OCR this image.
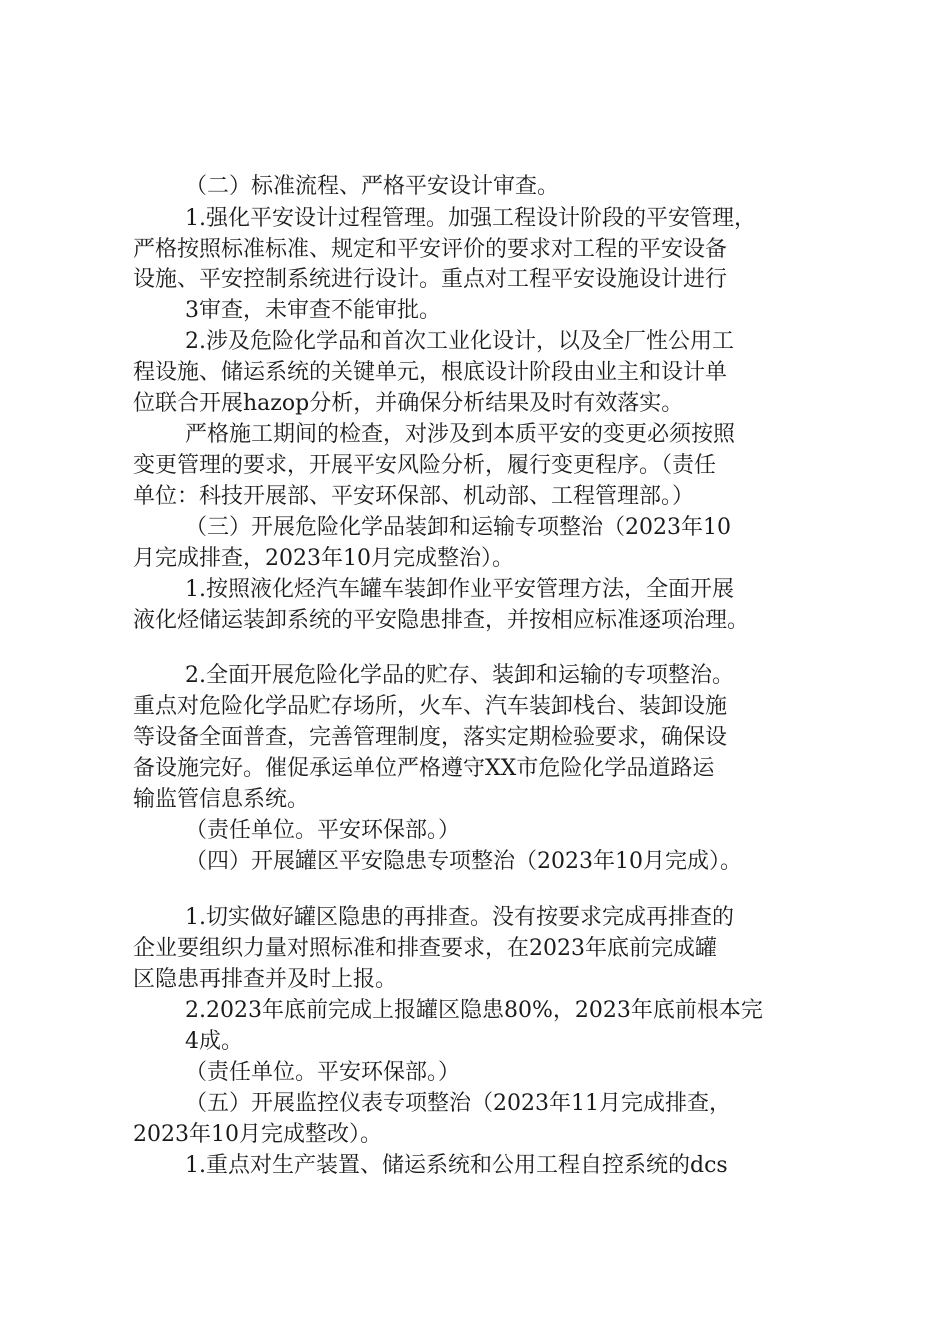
（二）标准流程、严格平安设计审查。
1.强化平安设计过程管理。加强工程设计阶段的平安管理，
严格按照标准标准、规定和平安评价的要求对工程的平安设备
设施、平安控制系统进行设计。重点对工程平安设施设计进行
3审查，未审查不能审批。
2.涉及危险化学品和首次工业化设计，以及全厂性公用工
程设施、储运系统的关键单元，根底设计阶段由业主和设计单
位联合开展hazop分析，并确保分析结果及时有效落实。
严格施工期间的检查，对涉及到本质平安的变更必须按照
变更管理的要求，开展平安风险分析，履行变更程序。（责任
单位：科技开展部、平安环保部、机动部、工程管理部。）
（三）开展危险化学品装卸和运输专项整治（2023年10
月完成排查，2023年10月完成整治）。
1.按照液化烃汽车罐车装卸作业平安管理方法，全面开展
液化烃储运装卸系统的平安隐患排查，并按相应标准逐项治理。
2.全面开展危险化学品的贮存、装卸和运输的专项整治。
重点对危险化学品贮存场所，火车、汽车装卸栈台、装卸设施
等设备全面普查，完善管理制度，落实定期检验要求，确保设
备设施完好。催促承运单位严格遵守XX市危险化学品道路运
输监管信息系统。
（责任单位。平安环保部。）
（四）开展罐区平安隐患专项整治（2023年10月完成）。
1.切实做好罐区隐患的再排查。没有按要求完成再排查的
企业要组织力量对照标准和排查要求，在2023年底前完成罐
区隐患再排查并及时上报。
2.2023年底前完成上报罐区隐患80%，2023年底前根本完
4成。
（责任单位。平安环保部。）
（五）开展监控仪表专项整治（2023年11月完成排查，
2023年10月完成整改）。
1.重点对生产装置、储运系统和公用工程自控系统的dcs
